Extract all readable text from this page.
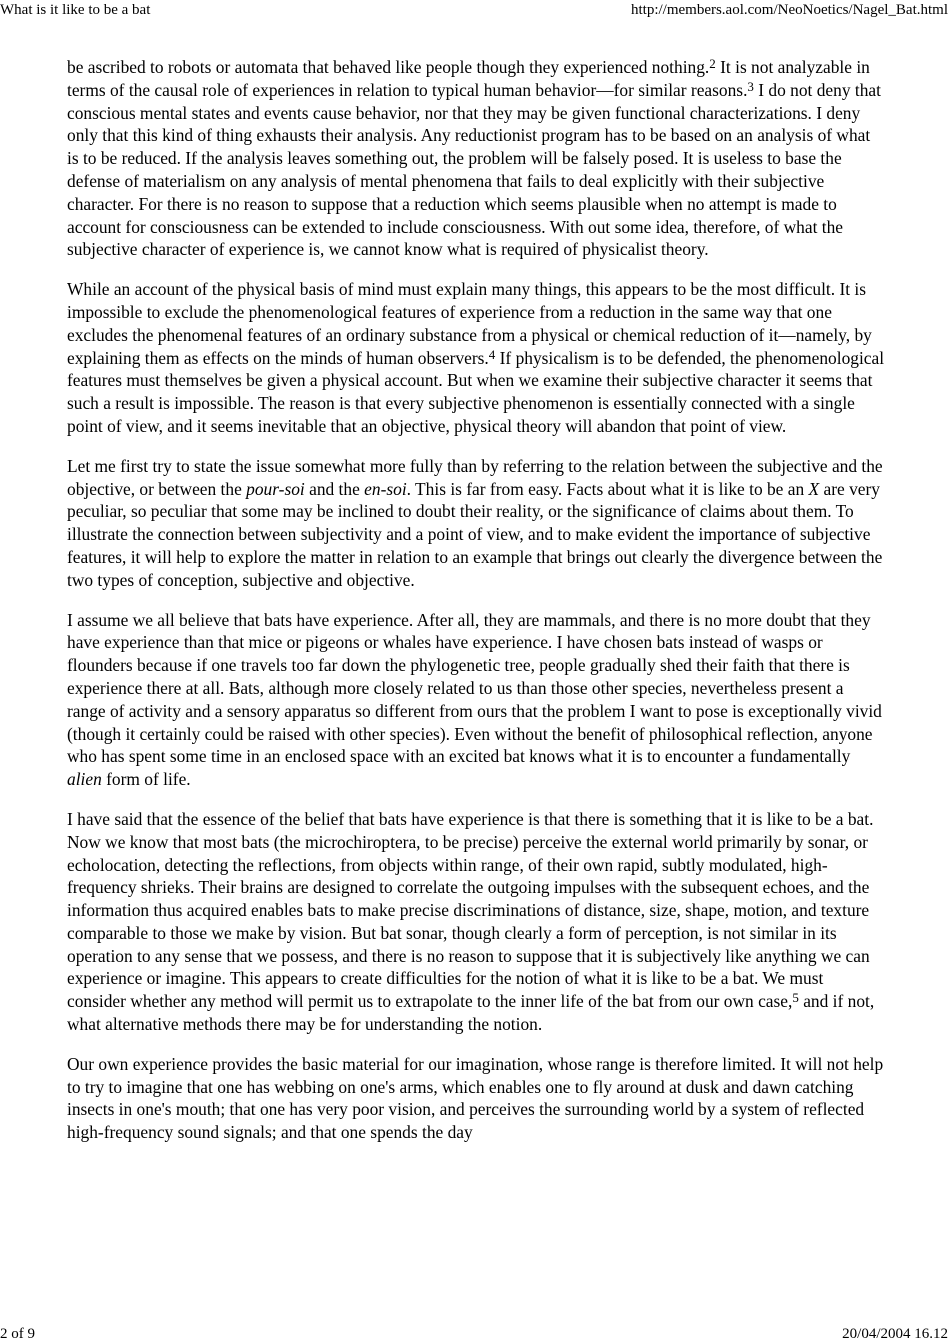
What is it like to be a bat	http://members.aol.com/NeoNoetics/Nagel_Bat.html

be ascribed to robots or automata that behaved like people though they experienced nothing.$^2$ It is not analyzable in terms of the causal role of experiences in relation to typical human behavior—for similar reasons.$^3$ I do not deny that conscious mental states and events cause behavior, nor that they may be given functional characterizations. I deny only that this kind of thing exhausts their analysis. Any reductionist program has to be based on an analysis of what is to be reduced. If the analysis leaves something out, the problem will be falsely posed. It is useless to base the defense of materialism on any analysis of mental phenomena that fails to deal explicitly with their subjective character. For there is no reason to suppose that a reduction which seems plausible when no attempt is made to account for consciousness can be extended to include consciousness. With out some idea, therefore, of what the subjective character of experience is, we cannot know what is required of physicalist theory.

While an account of the physical basis of mind must explain many things, this appears to be the most difficult. It is impossible to exclude the phenomenological features of experience from a reduction in the same way that one excludes the phenomenal features of an ordinary substance from a physical or chemical reduction of it—namely, by explaining them as effects on the minds of human observers.$^4$ If physicalism is to be defended, the phenomenological features must themselves be given a physical account. But when we examine their subjective character it seems that such a result is impossible. The reason is that every subjective phenomenon is essentially connected with a single point of view, and it seems inevitable that an objective, physical theory will abandon that point of view.

Let me first try to state the issue somewhat more fully than by referring to the relation between the subjective and the objective, or between the pour-soi and the en-soi. This is far from easy. Facts about what it is like to be an X are very peculiar, so peculiar that some may be inclined to doubt their reality, or the significance of claims about them. To illustrate the connection between subjectivity and a point of view, and to make evident the importance of subjective features, it will help to explore the matter in relation to an example that brings out clearly the divergence between the two types of conception, subjective and objective.

I assume we all believe that bats have experience. After all, they are mammals, and there is no more doubt that they have experience than that mice or pigeons or whales have experience. I have chosen bats instead of wasps or flounders because if one travels too far down the phylogenetic tree, people gradually shed their faith that there is experience there at all. Bats, although more closely related to us than those other species, nevertheless present a range of activity and a sensory apparatus so different from ours that the problem I want to pose is exceptionally vivid (though it certainly could be raised with other species). Even without the benefit of philosophical reflection, anyone who has spent some time in an enclosed space with an excited bat knows what it is to encounter a fundamentally alien form of life.

I have said that the essence of the belief that bats have experience is that there is something that it is like to be a bat. Now we know that most bats (the microchiroptera, to be precise) perceive the external world primarily by sonar, or echolocation, detecting the reflections, from objects within range, of their own rapid, subtly modulated, high-frequency shrieks. Their brains are designed to correlate the outgoing impulses with the subsequent echoes, and the information thus acquired enables bats to make precise discriminations of distance, size, shape, motion, and texture comparable to those we make by vision. But bat sonar, though clearly a form of perception, is not similar in its operation to any sense that we possess, and there is no reason to suppose that it is subjectively like anything we can experience or imagine. This appears to create difficulties for the notion of what it is like to be a bat. We must consider whether any method will permit us to extrapolate to the inner life of the bat from our own case,$^5$ and if not, what alternative methods there may be for understanding the notion.

Our own experience provides the basic material for our imagination, whose range is therefore limited. It will not help to try to imagine that one has webbing on one's arms, which enables one to fly around at dusk and dawn catching insects in one's mouth; that one has very poor vision, and perceives the surrounding world by a system of reflected high-frequency sound signals; and that one spends the day

2 of 9	20/04/2004 16.12
